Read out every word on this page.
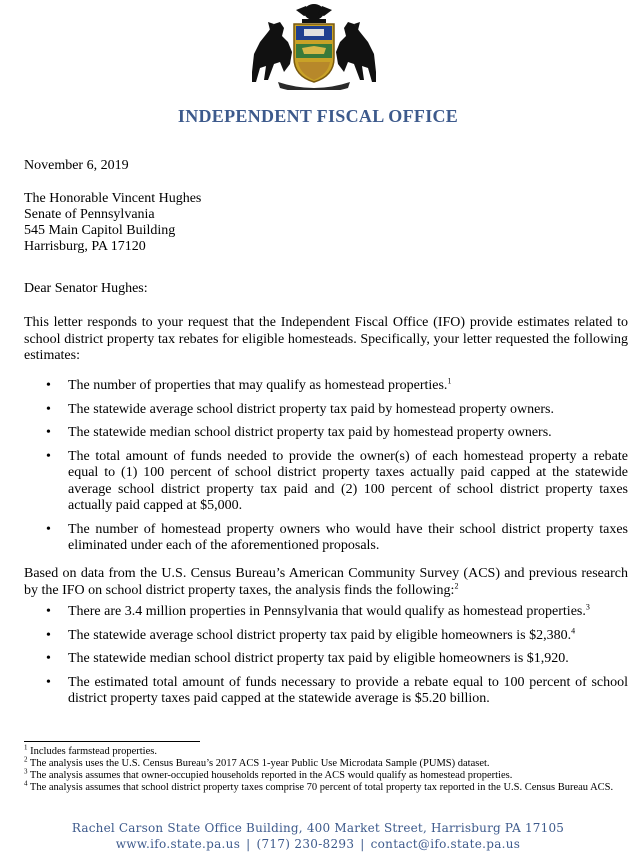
INDEPENDENT FISCAL OFFICE
November 6, 2019
The Honorable Vincent Hughes
Senate of Pennsylvania
545 Main Capitol Building
Harrisburg, PA 17120
Dear Senator Hughes:
This letter responds to your request that the Independent Fiscal Office (IFO) provide estimates related to school district property tax rebates for eligible homesteads. Specifically, your letter requested the following estimates:
• The number of properties that may qualify as homestead properties.$^1$
• The statewide average school district property tax paid by homestead property owners.
• The statewide median school district property tax paid by homestead property owners.
• The total amount of funds needed to provide the owner(s) of each homestead property a rebate equal to (1) 100 percent of school district property taxes actually paid capped at the statewide average school district property tax paid and (2) 100 percent of school district property taxes actually paid capped at $5,000.
• The number of homestead property owners who would have their school district property taxes eliminated under each of the aforementioned proposals.
Based on data from the U.S. Census Bureau’s American Community Survey (ACS) and previous research by the IFO on school district property taxes, the analysis finds the following:$^2$
• There are 3.4 million properties in Pennsylvania that would qualify as homestead properties.$^3$
• The statewide average school district property tax paid by eligible homeowners is $2,380.$^4$
• The statewide median school district property tax paid by eligible homeowners is $1,920.
• The estimated total amount of funds necessary to provide a rebate equal to 100 percent of school district property taxes paid capped at the statewide average is $5.20 billion.
$^1$ Includes farmstead properties.
$^2$ The analysis uses the U.S. Census Bureau’s 2017 ACS 1-year Public Use Microdata Sample (PUMS) dataset.
$^3$ The analysis assumes that owner-occupied households reported in the ACS would qualify as homestead properties.
$^4$ The analysis assumes that school district property taxes comprise 70 percent of total property tax reported in the U.S. Census Bureau ACS.
Rachel Carson State Office Building, 400 Market Street, Harrisburg PA 17105
www.ifo.state.pa.us | (717) 230-8293 | contact@ifo.state.pa.us
